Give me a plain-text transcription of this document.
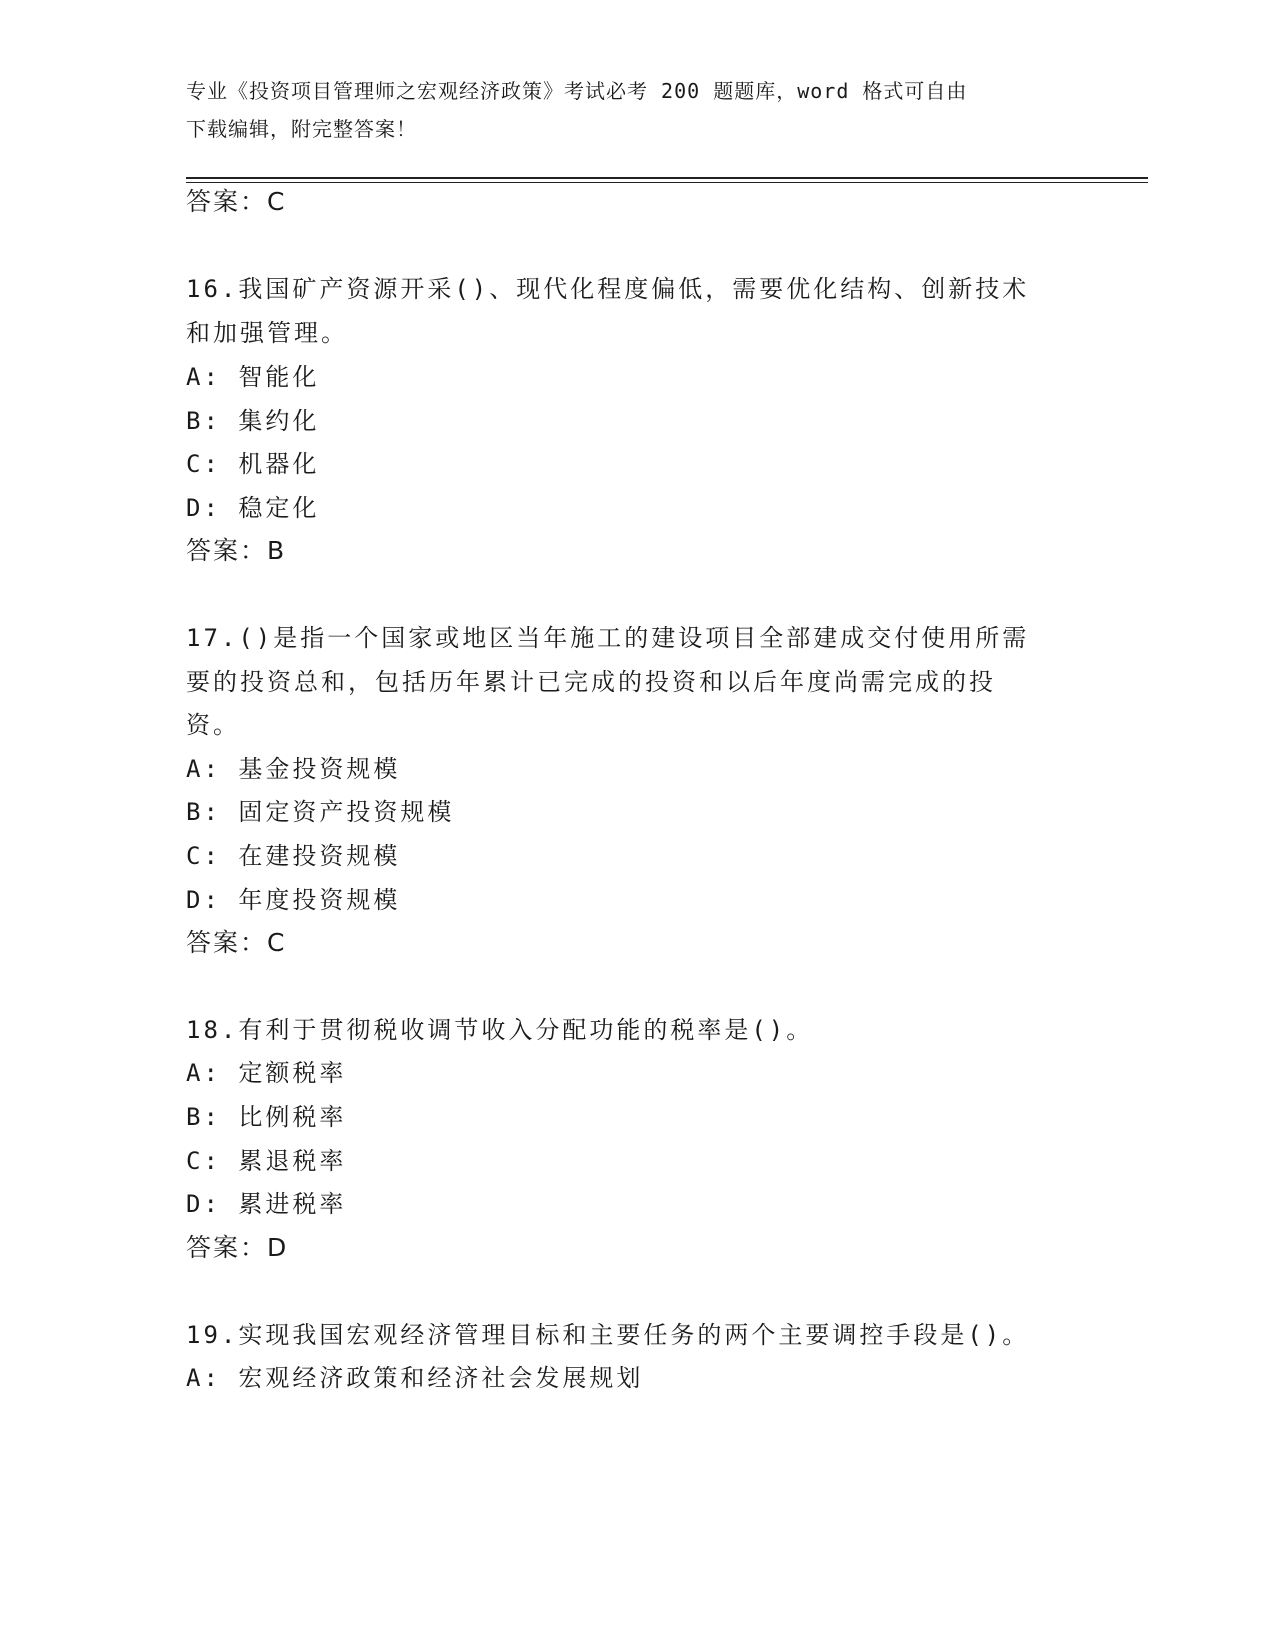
专业《投资项目管理师之宏观经济政策》考试必考 200 题题库，word 格式可自由
下载编辑，附完整答案！
答案：C
16.我国矿产资源开采()、现代化程度偏低，需要优化结构、创新技术
和加强管理。
A: 智能化
B: 集约化
C: 机器化
D: 稳定化
答案：B
17.()是指一个国家或地区当年施工的建设项目全部建成交付使用所需
要的投资总和，包括历年累计已完成的投资和以后年度尚需完成的投
资。
A: 基金投资规模
B: 固定资产投资规模
C: 在建投资规模
D: 年度投资规模
答案：C
18.有利于贯彻税收调节收入分配功能的税率是()。
A: 定额税率
B: 比例税率
C: 累退税率
D: 累进税率
答案：D
19.实现我国宏观经济管理目标和主要任务的两个主要调控手段是()。
A: 宏观经济政策和经济社会发展规划
